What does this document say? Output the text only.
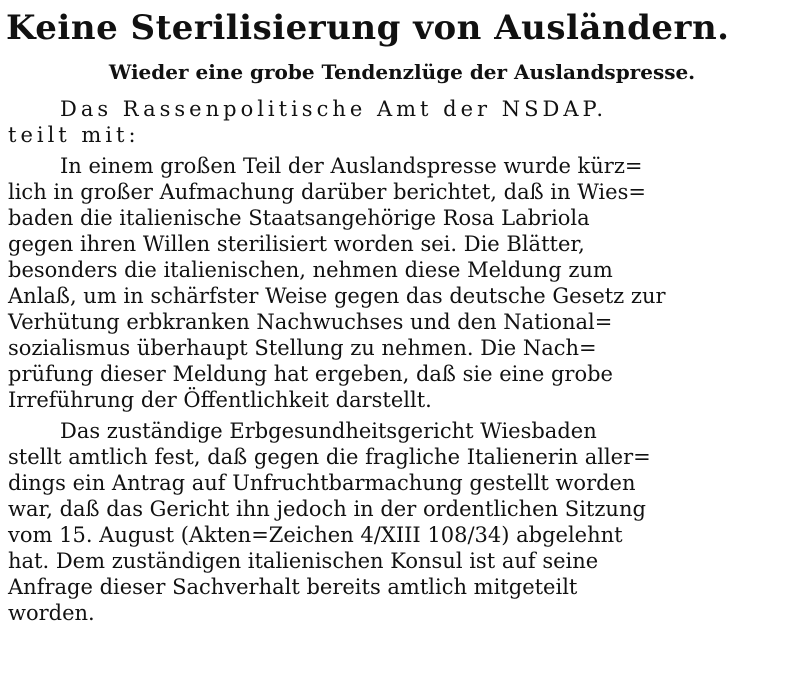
Keine Sterilisierung von Ausländern.
Wieder eine grobe Tendenzlüge der Auslandspresse.
Das Rassenpolitische Amt der NSDAP.
teilt mit:
In einem großen Teil der Auslandspresse wurde kürz=
lich in großer Aufmachung darüber berichtet, daß in Wies=
baden die italienische Staatsangehörige Rosa Labriola
gegen ihren Willen sterilisiert worden sei. Die Blätter,
besonders die italienischen, nehmen diese Meldung zum
Anlaß, um in schärfster Weise gegen das deutsche Gesetz zur
Verhütung erbkranken Nachwuchses und den National=
sozialismus überhaupt Stellung zu nehmen. Die Nach=
prüfung dieser Meldung hat ergeben, daß sie eine grobe
Irreführung der Öffentlichkeit darstellt.
Das zuständige Erbgesundheitsgericht Wiesbaden
stellt amtlich fest, daß gegen die fragliche Italienerin aller=
dings ein Antrag auf Unfruchtbarmachung gestellt worden
war, daß das Gericht ihn jedoch in der ordentlichen Sitzung
vom 15. August (Akten=Zeichen 4/XIII 108/34) abgelehnt
hat. Dem zuständigen italienischen Konsul ist auf seine
Anfrage dieser Sachverhalt bereits amtlich mitgeteilt
worden.
